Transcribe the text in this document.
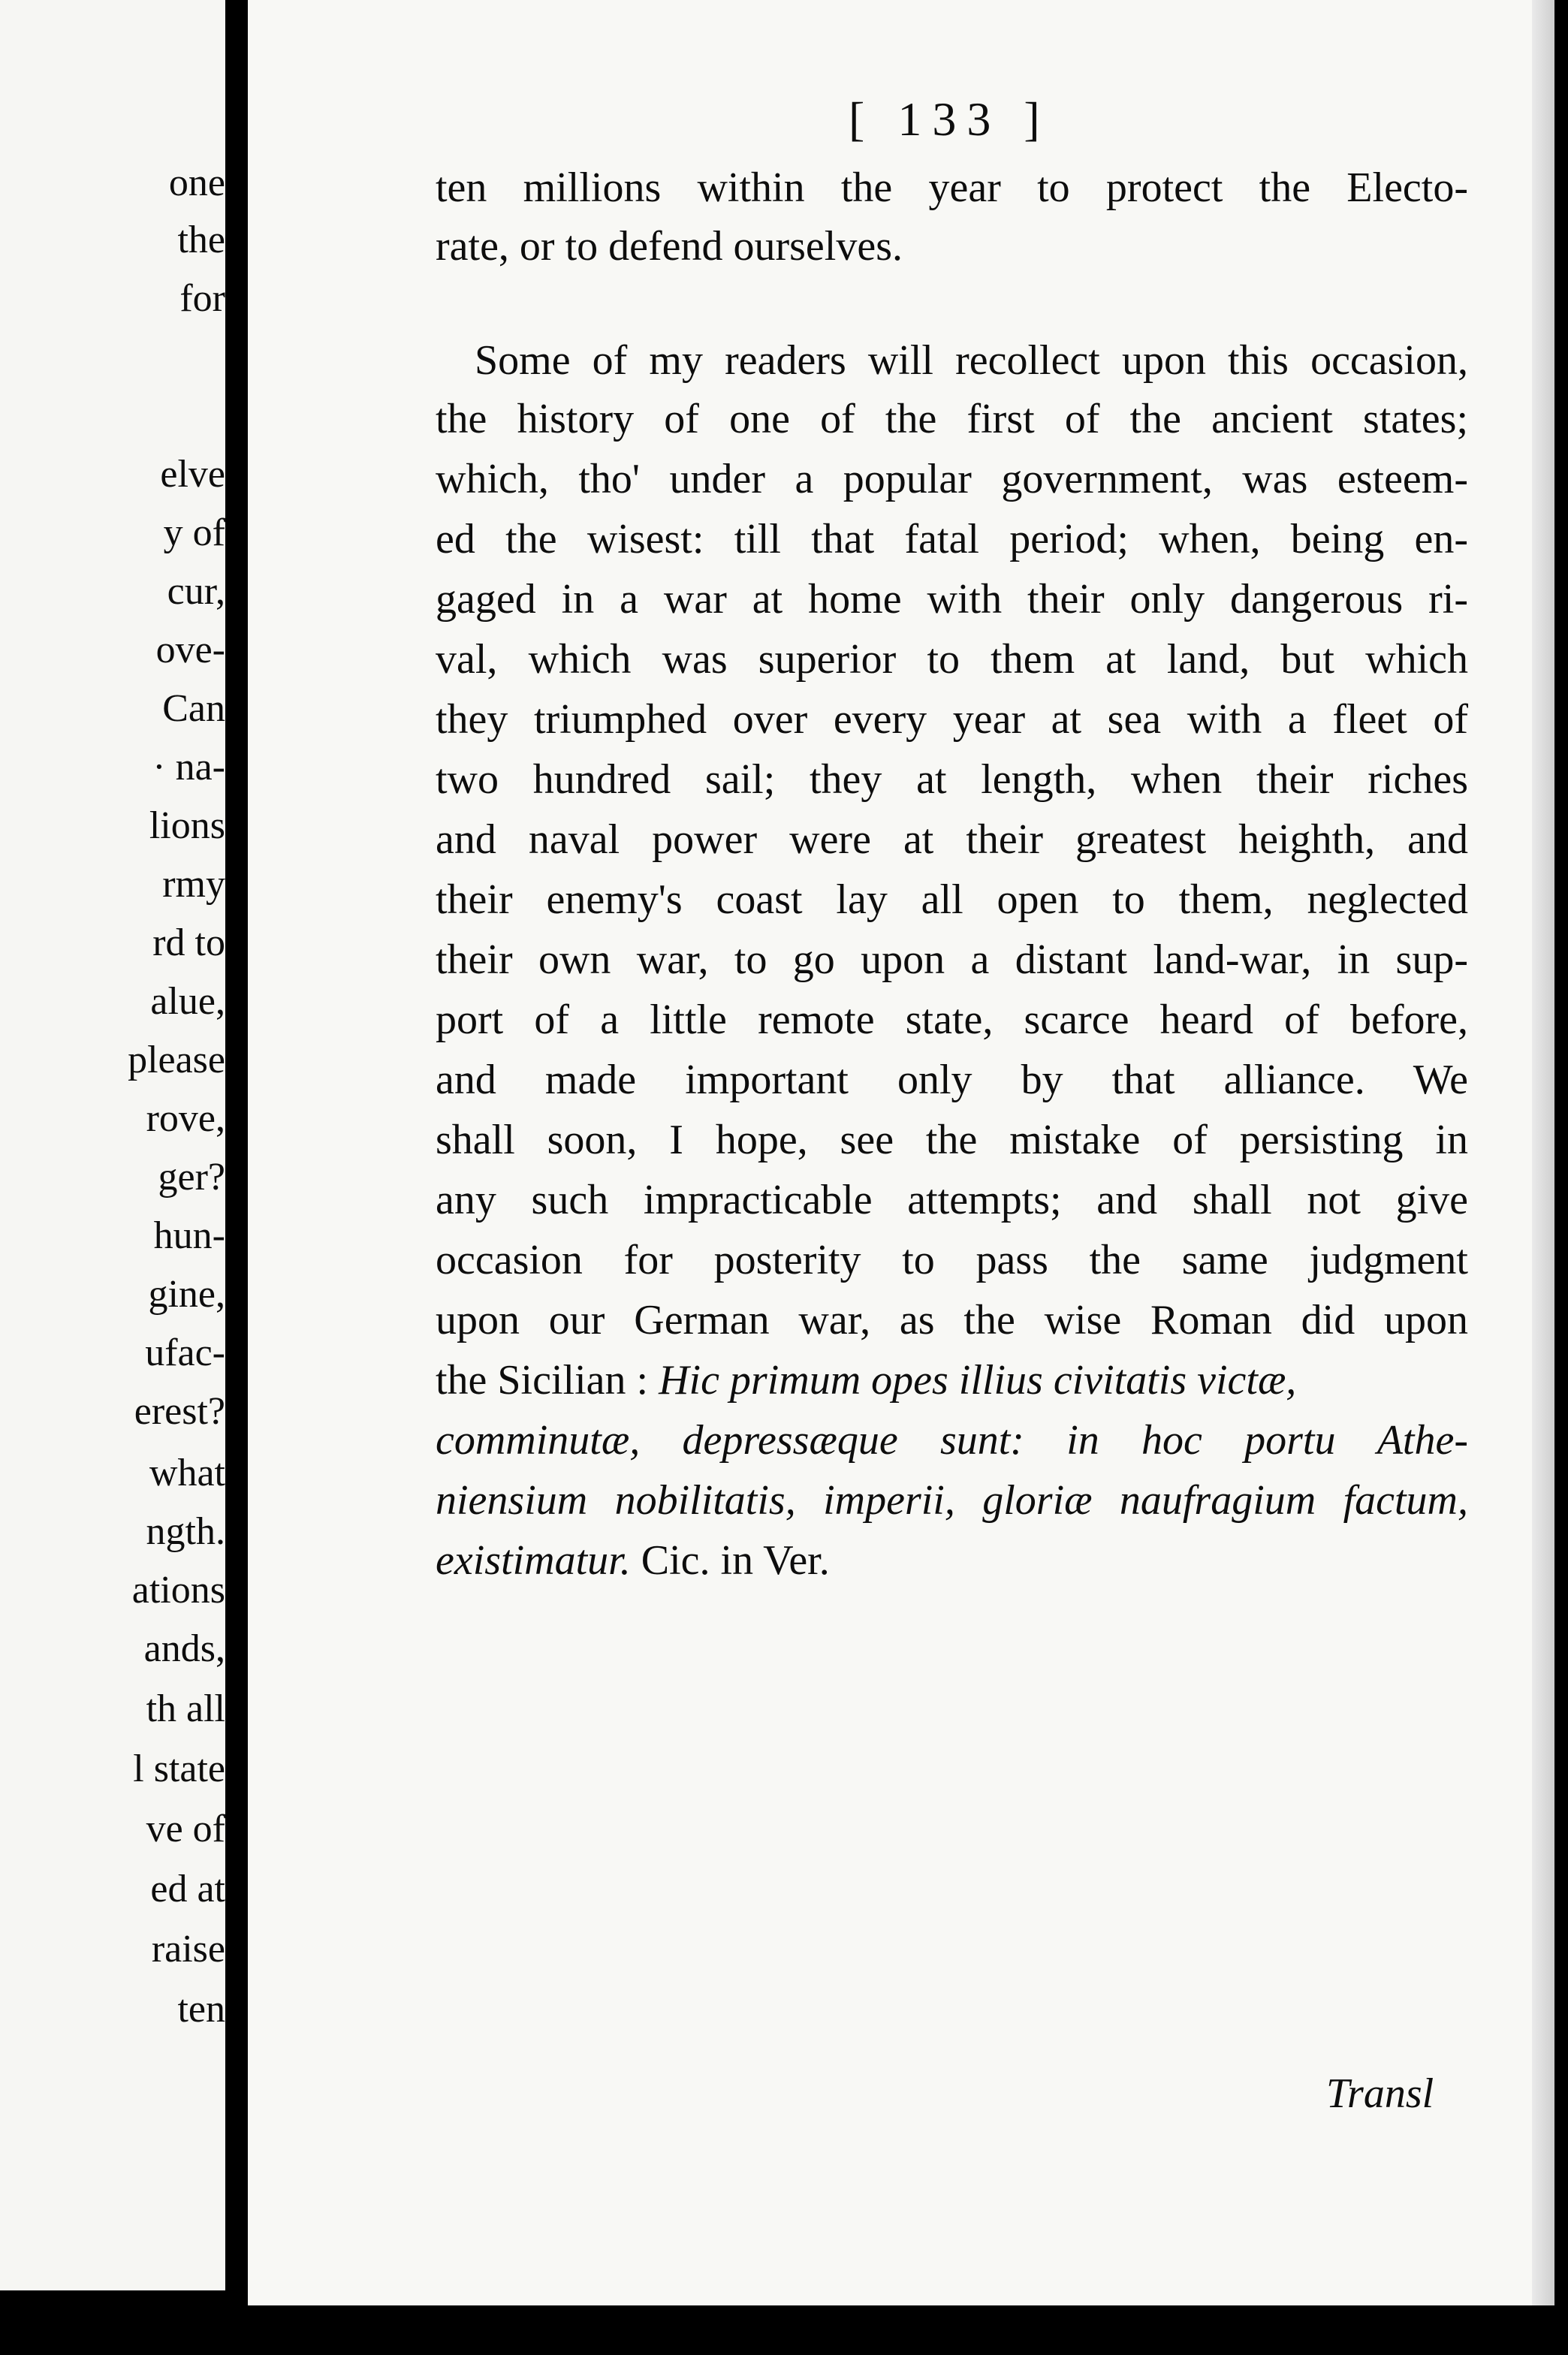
one
the
for
elve
y of
cur,
ove-
Can
· na-
lions
rmy
rd to
alue,
please
rove,
ger?
hun-
gine,
ufac-
erest?
what
ngth.
ations
ands,
th all
l state
ve of
ed at
raise
ten
[ 133 ]
ten millions within the year to protect the Electo-
rate, or to defend ourselves.
Some of my readers will recollect upon this occasion,
the history of one of the first of the ancient states;
which, tho' under a popular government, was esteem-
ed the wisest: till that fatal period; when, being en-
gaged in a war at home with their only dangerous ri-
val, which was superior to them at land, but which
they triumphed over every year at sea with a fleet of
two hundred sail; they at length, when their riches
and naval power were at their greatest heighth, and
their enemy's coast lay all open to them, neglected
their own war, to go upon a distant land-war, in sup-
port of a little remote state, scarce heard of before,
and made important only by that alliance. We
shall soon, I hope, see the mistake of persisting in
any such impracticable attempts; and shall not give
occasion for posterity to pass the same judgment
upon our German war, as the wise Roman did upon
the Sicilian : Hic primum opes illius civitatis victæ,
comminutæ, depressæque sunt: in hoc portu Athe-
niensium nobilitatis, imperii, gloriæ naufragium factum,
existimatur. Cic. in Ver.
Transl
